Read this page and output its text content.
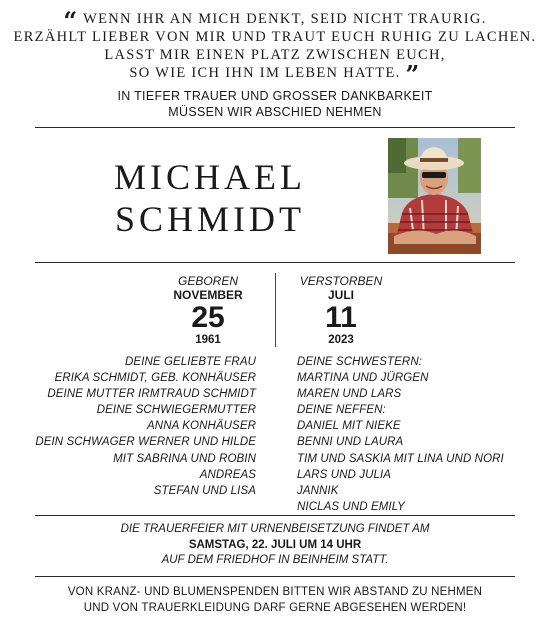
“ WENN IHR AN MICH DENKT, SEID NICHT TRAURIG.
ERZÄHLT LIEBER VON MIR UND TRAUT EUCH RUHIG ZU LACHEN.
LASST MIR EINEN PLATZ ZWISCHEN EUCH,
SO WIE ICH IHN IM LEBEN HATTE. ”
IN TIEFER TRAUER UND GROSSER DANKBARKEIT
MÜSSEN WIR ABSCHIED NEHMEN
MICHAEL
SCHMIDT
GEBOREN
NOVEMBER
25
1961
VERSTORBEN
JULI
11
2023
DEINE GELIEBTE FRAU
ERIKA SCHMIDT, GEB. KONHÄUSER
DEINE MUTTER IRMTRAUD SCHMIDT
DEINE SCHWIEGERMUTTER
ANNA KONHÄUSER
DEIN SCHWAGER WERNER UND HILDE
MIT SABRINA UND ROBIN
ANDREAS
STEFAN UND LISA
DEINE SCHWESTERN:
MARTINA UND JÜRGEN
MAREN UND LARS
DEINE NEFFEN:
DANIEL MIT NIEKE
BENNI UND LAURA
TIM UND SASKIA MIT LINA UND NORI
LARS UND JULIA
JANNIK
NICLAS UND EMILY
DIE TRAUERFEIER MIT URNENBEISETZUNG FINDET AM
SAMSTAG, 22. JULI UM 14 UHR
AUF DEM FRIEDHOF IN BEINHEIM STATT.
VON KRANZ- UND BLUMENSPENDEN BITTEN WIR ABSTAND ZU NEHMEN
UND VON TRAUERKLEIDUNG DARF GERNE ABGESEHEN WERDEN!
